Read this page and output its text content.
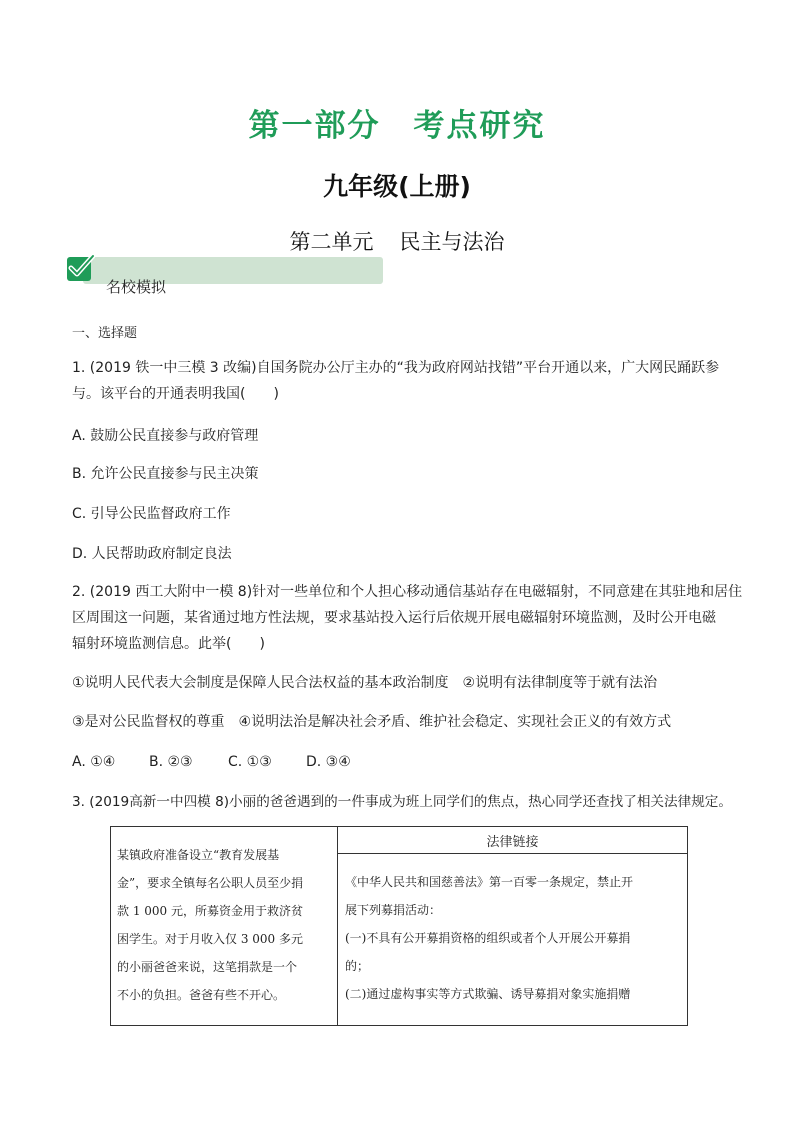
第一部分　考点研究
九年级(上册)
第二单元 民主与法治
名校模拟
一、选择题
1. (2019 铁一中三模 3 改编)自国务院办公厅主办的“我为政府网站找错”平台开通以来，广大网民踊跃参
与。该平台的开通表明我国(　　)
A. 鼓励公民直接参与政府管理
B. 允许公民直接参与民主决策
C. 引导公民监督政府工作
D. 人民帮助政府制定良法
2. (2019 西工大附中一模 8)针对一些单位和个人担心移动通信基站存在电磁辐射，不同意建在其驻地和居住
区周围这一问题，某省通过地方性法规，要求基站投入运行后依规开展电磁辐射环境监测，及时公开电磁
辐射环境监测信息。此举(　　)
①说明人民代表大会制度是保障人民合法权益的基本政治制度　②说明有法律制度等于就有法治
③是对公民监督权的尊重　④说明法治是解决社会矛盾、维护社会稳定、实现社会正义的有效方式
A. ①④ B. ②③	C. ①③ D. ③④
3. (2019高新一中四模 8)小丽的爸爸遇到的一件事成为班上同学们的焦点，热心同学还查找了相关法律规定。
法律链接
某镇政府准备设立“教育发展基
金”，要求全镇每名公职人员至少捐
款 1 000 元，所募资金用于救济贫
困学生。对于月收入仅 3 000 多元
的小丽爸爸来说，这笔捐款是一个
不小的负担。爸爸有些不开心。
《中华人民共和国慈善法》第一百零一条规定，禁止开
展下列募捐活动：
(一)不具有公开募捐资格的组织或者个人开展公开募捐
的；
(二)通过虚构事实等方式欺骗、诱导募捐对象实施捐赠
